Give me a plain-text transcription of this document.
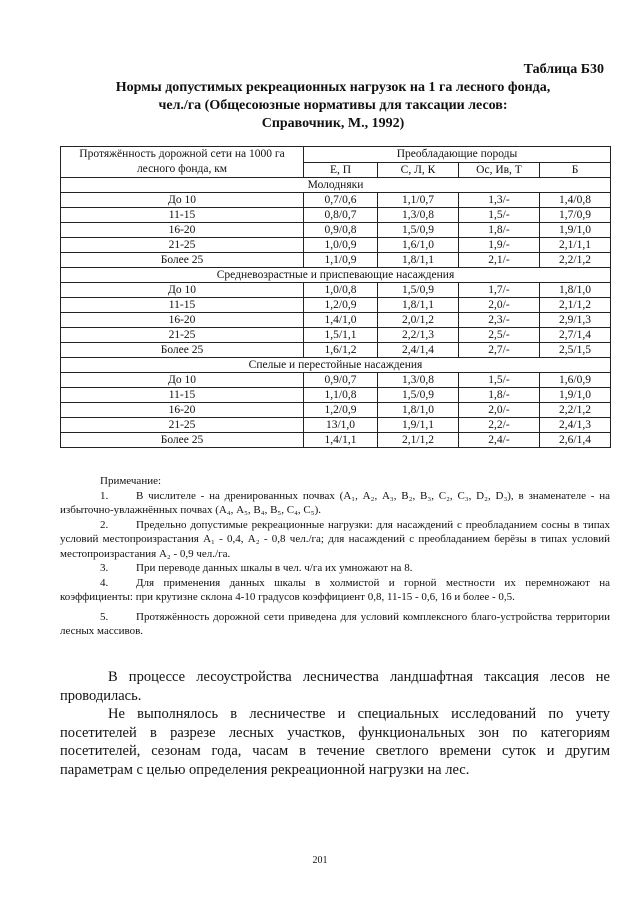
Таблица Б30
Нормы допустимых рекреационных нагрузок на 1 га лесного фонда,
чел./га (Общесоюзные нормативы для таксации лесов:
Справочник, М., 1992)
Протяжённость дорожной сети на 1000 га лесного фонда, км	Преобладающие породы			
	Е, П	С, Л, К	Ос, Ив, Т	Б
Молодняки				
До 10	0,7/0,6	1,1/0,7	1,3/-	1,4/0,8
11-15	0,8/0,7	1,3/0,8	1,5/-	1,7/0,9
16-20	0,9/0,8	1,5/0,9	1,8/-	1,9/1,0
21-25	1,0/0,9	1,6/1,0	1,9/-	2,1/1,1
Более 25	1,1/0,9	1,8/1,1	2,1/-	2,2/1,2
Средневозрастные и приспевающие насаждения				
До 10	1,0/0,8	1,5/0,9	1,7/-	1,8/1,0
11-15	1,2/0,9	1,8/1,1	2,0/-	2,1/1,2
16-20	1,4/1,0	2,0/1,2	2,3/-	2,9/1,3
21-25	1,5/1,1	2,2/1,3	2,5/-	2,7/1,4
Более 25	1,6/1,2	2,4/1,4	2,7/-	2,5/1,5
Спелые и перестойные насаждения				
До 10	0,9/0,7	1,3/0,8	1,5/-	1,6/0,9
11-15	1,1/0,8	1,5/0,9	1,8/-	1,9/1,0
16-20	1,2/0,9	1,8/1,0	2,0/-	2,2/1,2
21-25	13/1,0	1,9/1,1	2,2/-	2,4/1,3
Более 25	1,4/1,1	2,1/1,2	2,4/-	2,6/1,4

Примечание:

1.	В числителе - на дренированных почвах (А₁, А₂, А₃, В₂, В₃, С₂, С₃, D₂, D₃), в знаменателе - на избыточно-увлажнённых почвах (А₄, А₅, В₄, В₅, С₄, С₅).

2.	Предельно допустимые рекреационные нагрузки: для насаждений с преобладанием сосны в типах условий местопроизрастания А₁ - 0,4, А₂ - 0,8 чел./га; для насаждений с преобладанием берёзы в типах условий местопроизрастания А₂ - 0,9 чел./га.

3.	При переводе данных шкалы в чел. ч/га их умножают на 8.

4.	Для применения данных шкалы в холмистой и горной местности их перемножают на коэффициенты: при крутизне склона 4-10 градусов коэффициент 0,8, 11-15 - 0,6, 16 и более - 0,5.

5.	Протяжённость дорожной сети приведена для условий комплексного благо-устройства территории лесных массивов.

В процессе лесоустройства лесничества ландшафтная таксация лесов не проводилась.

Не выполнялось в лесничестве и специальных исследований по учету посетителей в разрезе лесных участков, функциональных зон по категориям посетителей, сезонам года, часам в течение светлого времени суток и другим параметрам с целью определения рекреационной нагрузки на лес.

201
